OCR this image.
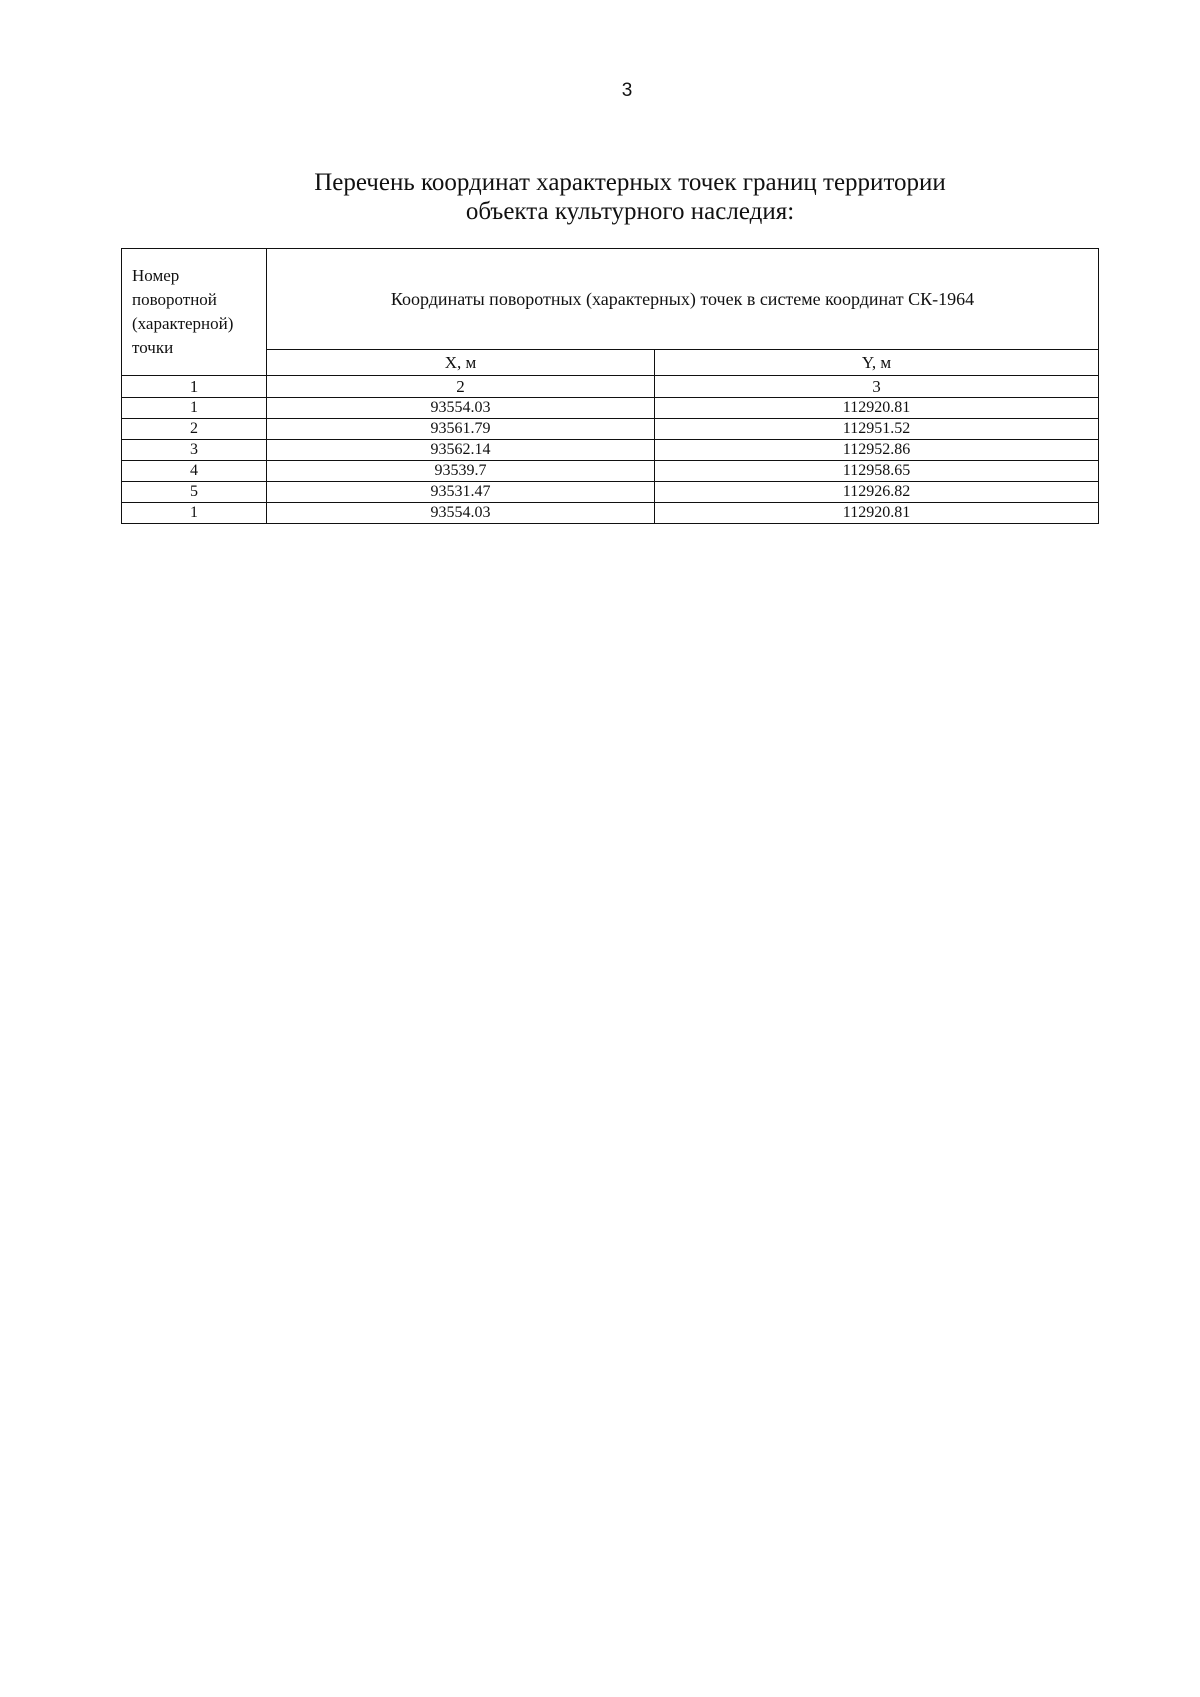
3
Перечень координат характерных точек границ территории
объекта культурного наследия:
Номер
поворотной
(характерной)
точки	Координаты поворотных (характерных) точек в системе координат СК-1964	
	X, м	Y, м
1	2	3
1	93554.03	112920.81
2	93561.79	112951.52
3	93562.14	112952.86
4	93539.7	112958.65
5	93531.47	112926.82
1	93554.03	112920.81
